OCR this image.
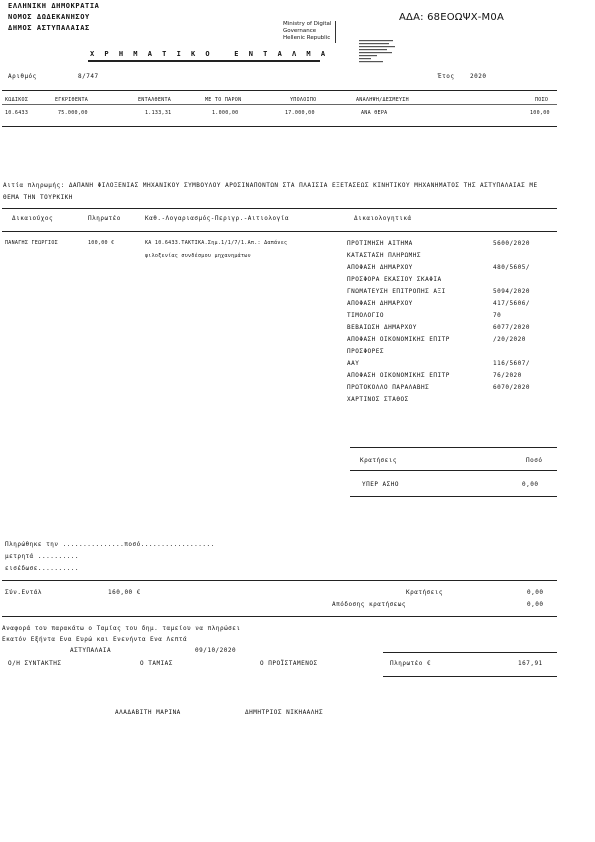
ΕΛΛΗΝΙΚΗ ΔΗΜΟΚΡΑΤΙΑ
ΝΟΜΟΣ ΔΩΔΕΚΑΝΗΣΟΥ
ΔΗΜΟΣ ΑΣΤΥΠΑΛΑΙΑΣ	Ministry of Digital
Governance
Hellenic Republic

ΑΔΑ: 68ΕΟΩΨΧ-Μ0Α
Χ Ρ Η Μ Α Τ Ι Κ Ο   Ε Ν Τ Α Λ Μ Α
Αριθμός	8/747	Έτος	2020
ΚΩΔΙΚΟΣ	ΕΓΚΡΙΘΕΝΤΑ	ΕΝΤΑΛΘΕΝΤΑ	ΜΕ ΤΟ ΠΑΡΟΝ	ΥΠΟΛΟΙΠΟ	ΑΝΑΛΗΨΗ/ΔΕΣΜΕΥΣΗ	ΠΟΣΟ
10.6433	75.000,00	1.133,31	1.000,00	17.000,00	ΑΝΑ ΘΕΡΑ	100,00
Αιτία πληρωμής: ΔΑΠΑΝΗ ΦΙΛΟΞΕΝΙΑΣ ΜΗΧΑΝΙΚΟΥ ΣΥΜΒΟΥΛΟΥ ΑΡΟΣΙΝΑΠΟΝΤΩΝ ΣΤΑ ΠΛΑΙΣΙΑ ΕΞΕΤΑΣΕΩΣ ΚΙΝΗΤΙΚΟΥ ΜΗΧΑΝΗΜΑΤΟΣ ΤΗΣ ΑΣΤΥΠΑΛΑΙΑΣ ΜΕ ΘΕΜΑ ΤΗΝ ΤΟΥΡΚΙΚΗ
Δικαιούχος	Πληρωτέο	Καθ.-Λογαριασμός-Περιγρ.-Αιτιολογία	Δικαιολογητικά
ΠΑΝΑΓΗΣ ΓΕΩΡΓΙΟΣ	100,00 €	ΚΑ 10.6433.ΤΑΚΤΙΚΑ.Σημ.1/1/7/1.Απ.: Δαπάνες
φιλοξενίας συνδέσμου μηχανημάτων
ΠΡΟΤΙΜΗΣΗ ΑΙΤΗΜΑ	5600/2020
ΚΑΤΑΣΤΑΣΗ ΠΛΗΡΩΜΗΣ
ΑΠΟΦΑΣΗ ΔΗΜΑΡΧΟΥ	480/5605/
ΠΡΟΣΦΟΡΑ ΕΚΑΣΙΟΥ ΣΚΑΦΙΑ
ΓΝΩΜΑΤΕΥΣΗ ΕΠΙΤΡΟΠΗΣ ΑΞΙ	5094/2020
ΑΠΟΦΑΣΗ ΔΗΜΑΡΧΟΥ	417/5606/
ΤΙΜΟΛΟΓΙΟ	70
ΒΕΒΑΙΩΣΗ ΔΗΜΑΡΧΟΥ	6077/2020
ΑΠΟΦΑΣΗ ΟΙΚΟΝΟΜΙΚΗΣ ΕΠΙΤΡ	/20/2020
ΠΡΟΣΦΟΡΕΣ
ΑΑΥ	116/5607/
ΑΠΟΦΑΣΗ ΟΙΚΟΝΟΜΙΚΗΣ ΕΠΙΤΡ	76/2020
ΠΡΩΤΟΚΟΛΛΟ ΠΑΡΑΛΑΒΗΣ	6070/2020
ΧΑΡΤΙΝΟΣ ΣΤΑΘΟΣ
Κρατήσεις	Ποσό
ΥΠΕΡ ΑΣΗΟ	0,00
Πληρώθηκε την ...............ποσό..................
μετρητά ..........
εισέδωσε..........
Σύν.Εντάλ	160,00 €	Κρατήσεις	0,00
Απόδοσης κρατήσεως	0,00
Αναφορά του παρακάτω ο Ταμίας του δημ. ταμείου να πληρώσει
Εκατόν Εξήντα Ενα Ευρώ και Ενενήντα Ενα Λεπτά
ΑΣΤΥΠΑΛΑΙΑ	09/10/2020
Ο/Η ΣΥΝΤΑΚΤΗΣ	Ο ΤΑΜΙΑΣ	Ο ΠΡΟΪΣΤΑΜΕΝΟΣ	Πληρωτέο €	167,91
ΑΛΑΔΑΒΙΤΗ ΜΑΡΙΝΑ	ΔΗΜΗΤΡΙΟΣ ΝΙΚΗΑΑΛΗΣ
